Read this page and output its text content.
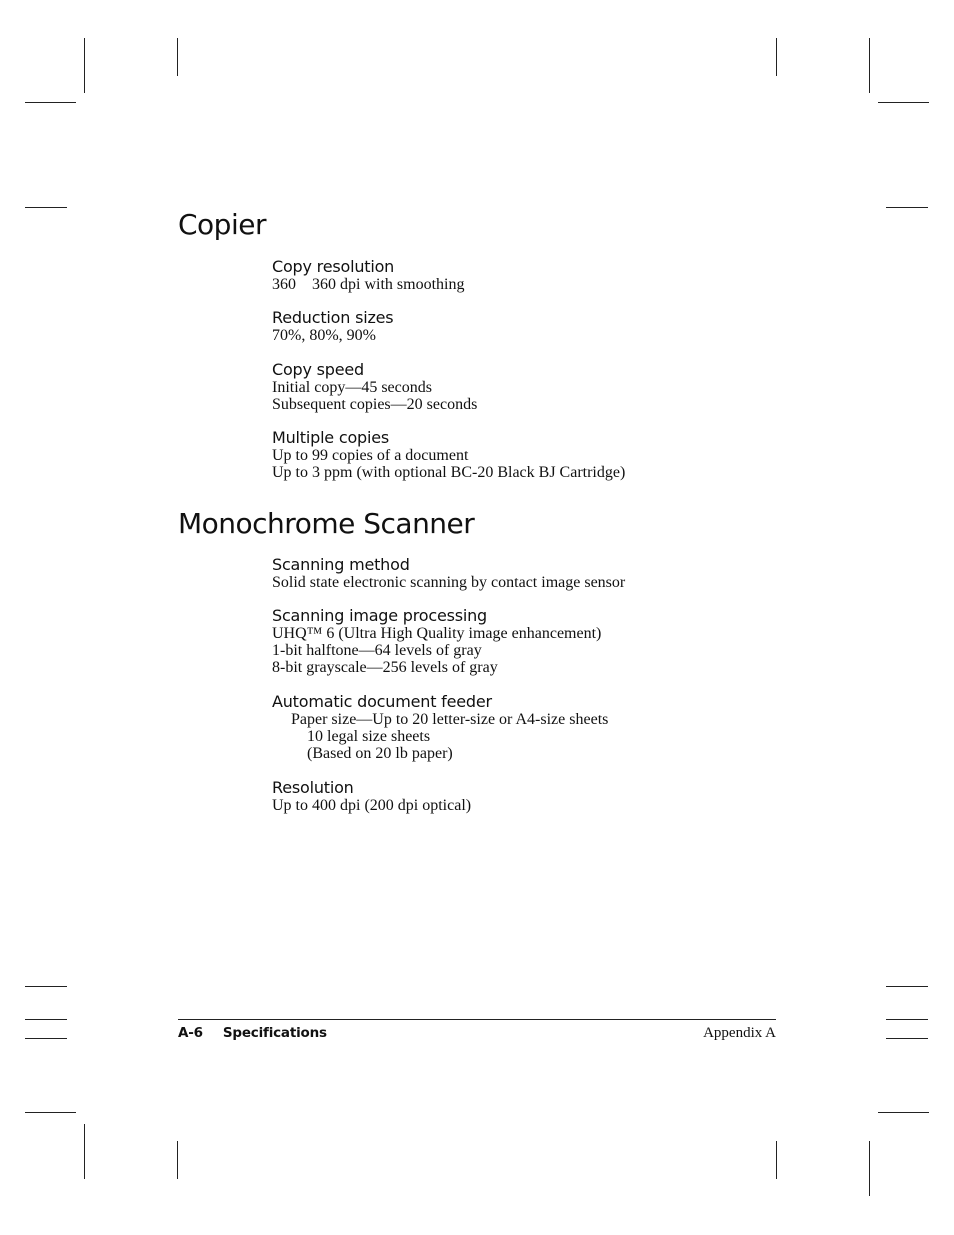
Copier
Copy resolution
360    360 dpi with smoothing
Reduction sizes
70%, 80%, 90%
Copy speed
Initial copy—45 seconds
Subsequent copies—20 seconds
Multiple copies
Up to 99 copies of a document
Up to 3 ppm (with optional BC-20 Black BJ Cartridge)
Monochrome Scanner
Scanning method
Solid state electronic scanning by contact image sensor
Scanning image processing
UHQ™ 6 (Ultra High Quality image enhancement)
1-bit halftone—64 levels of gray
8-bit grayscale—256 levels of gray
Automatic document feeder
Paper size—Up to 20 letter-size or A4-size sheets
10 legal size sheets
(Based on 20 lb paper)
Resolution
Up to 400 dpi (200 dpi optical)
A-6 Specifications	Appendix A
